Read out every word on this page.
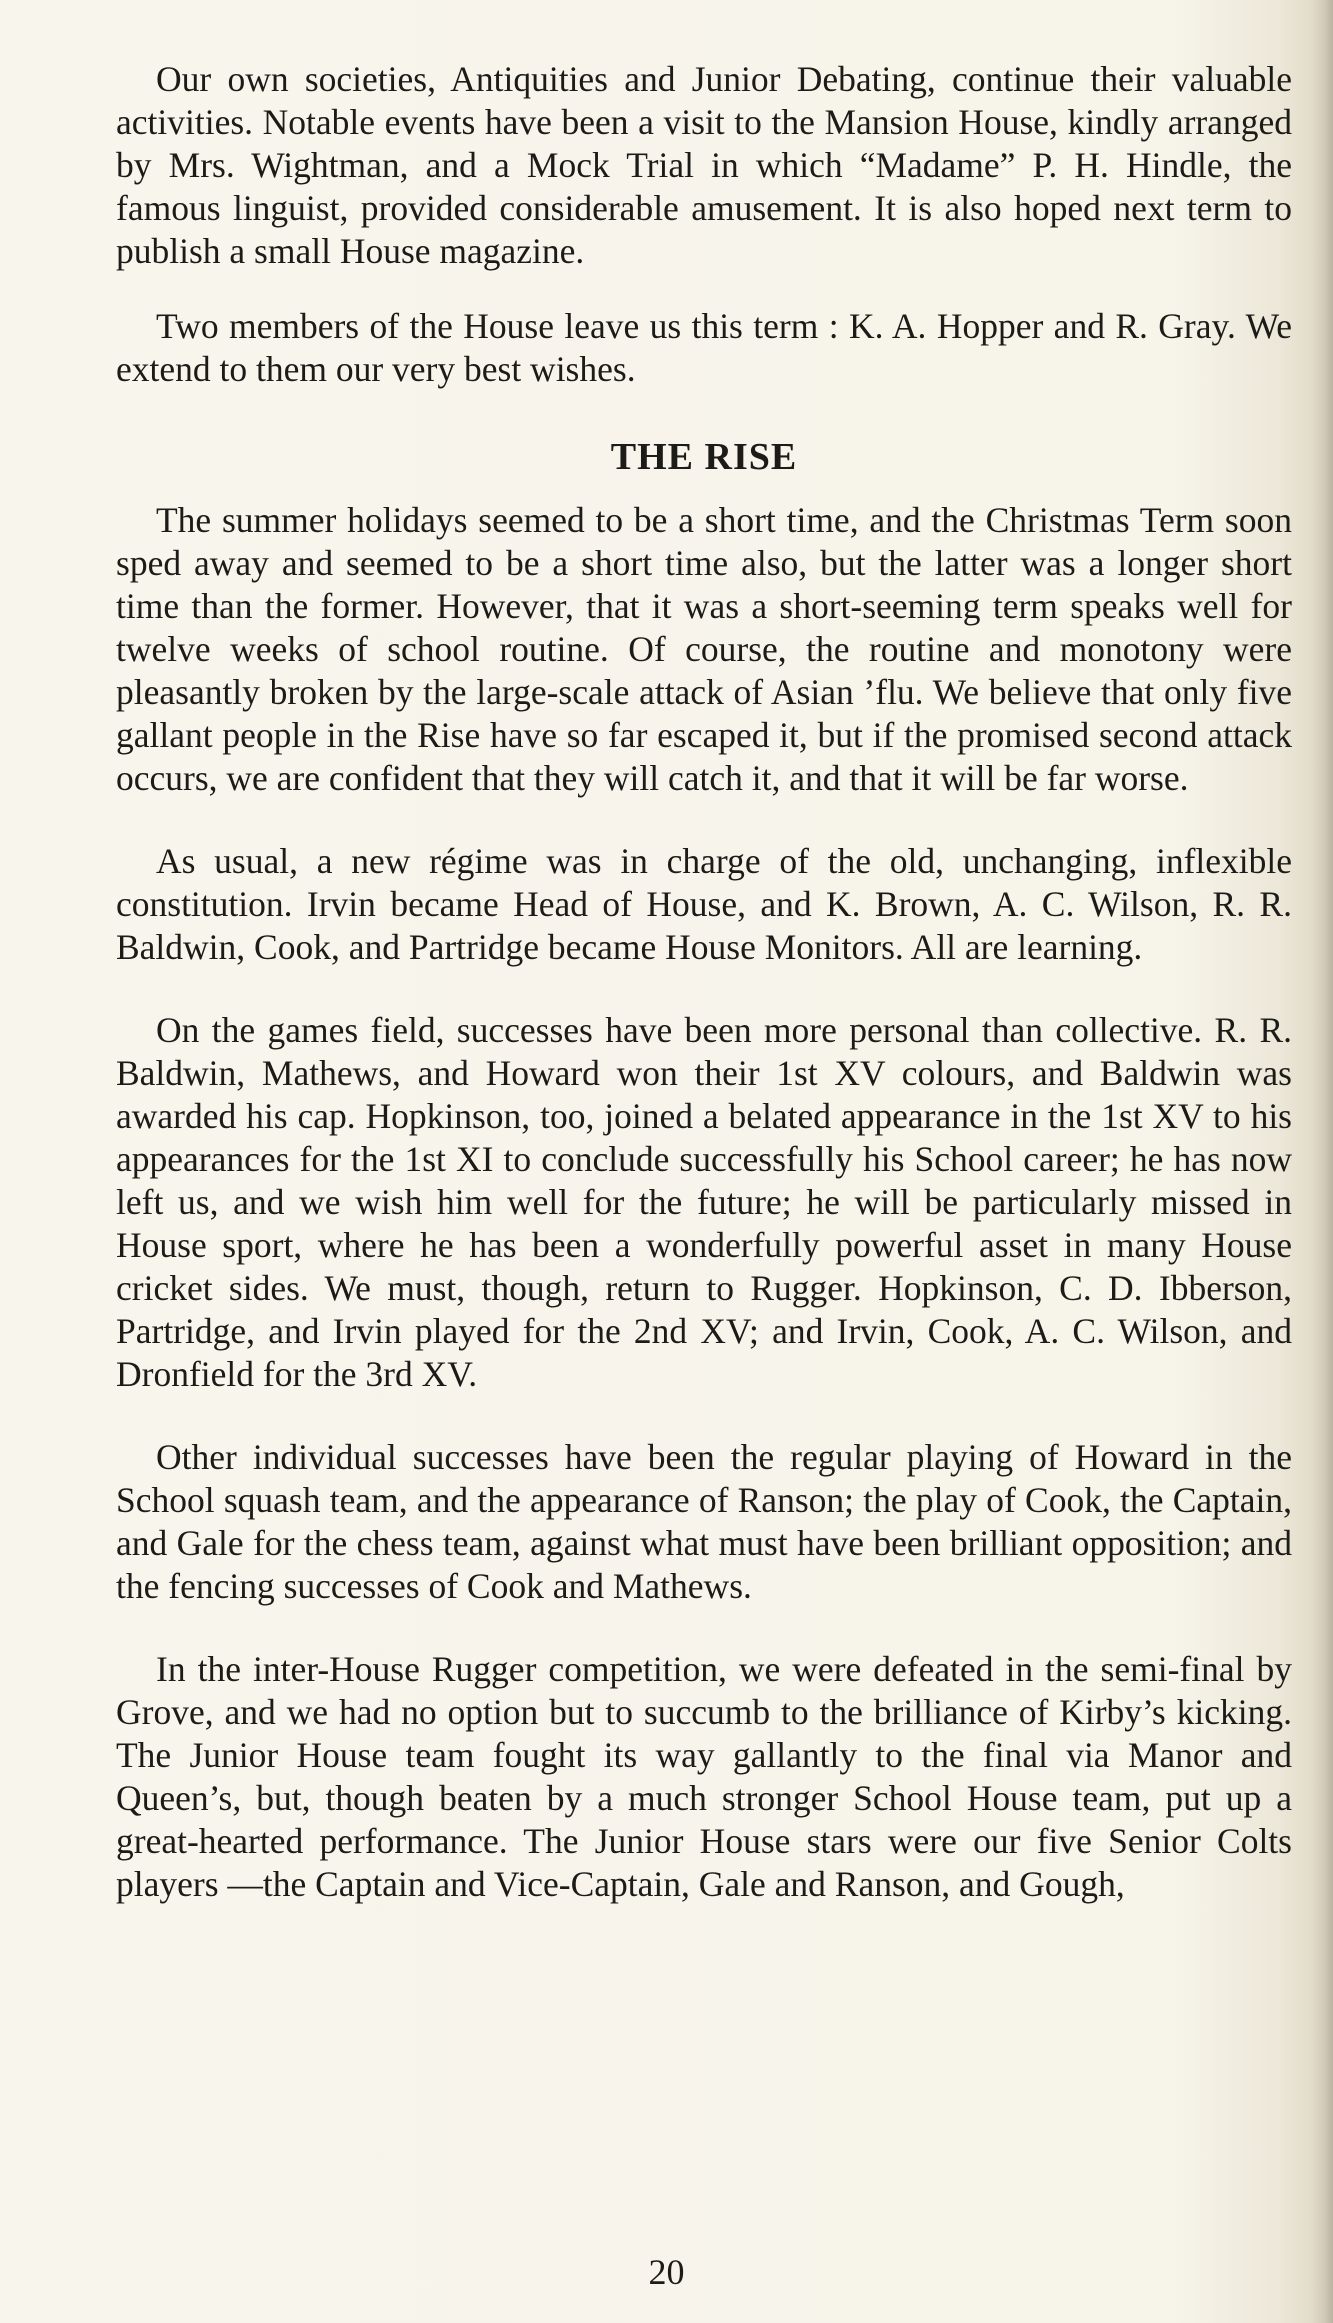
Our own societies, Antiquities and Junior Debating, continue their valuable activities. Notable events have been a visit to the Mansion House, kindly arranged by Mrs. Wightman, and a Mock Trial in which “Madame” P. H. Hindle, the famous linguist, provided considerable amusement. It is also hoped next term to publish a small House magazine.

Two members of the House leave us this term : K. A. Hopper and R. Gray. We extend to them our very best wishes.

THE RISE

The summer holidays seemed to be a short time, and the Christmas Term soon sped away and seemed to be a short time also, but the latter was a longer short time than the former. However, that it was a short-seeming term speaks well for twelve weeks of school routine. Of course, the routine and monotony were pleasantly broken by the large-scale attack of Asian ’flu. We believe that only five gallant people in the Rise have so far escaped it, but if the promised second attack occurs, we are confident that they will catch it, and that it will be far worse.

As usual, a new régime was in charge of the old, unchanging, inflexible constitution. Irvin became Head of House, and K. Brown, A. C. Wilson, R. R. Baldwin, Cook, and Partridge became House Monitors. All are learning.

On the games field, successes have been more personal than collective. R. R. Baldwin, Mathews, and Howard won their 1st XV colours, and Baldwin was awarded his cap. Hopkinson, too, joined a belated appearance in the 1st XV to his appearances for the 1st XI to conclude successfully his School career; he has now left us, and we wish him well for the future; he will be particularly missed in House sport, where he has been a wonderfully powerful asset in many House cricket sides. We must, though, return to Rugger. Hopkinson, C. D. Ibberson, Partridge, and Irvin played for the 2nd XV; and Irvin, Cook, A. C. Wilson, and Dronfield for the 3rd XV.

Other individual successes have been the regular playing of Howard in the School squash team, and the appearance of Ranson; the play of Cook, the Captain, and Gale for the chess team, against what must have been brilliant opposition; and the fencing successes of Cook and Mathews.

In the inter-House Rugger competition, we were defeated in the semi-final by Grove, and we had no option but to succumb to the brilliance of Kirby’s kicking. The Junior House team fought its way gallantly to the final via Manor and Queen’s, but, though beaten by a much stronger School House team, put up a great-hearted performance. The Junior House stars were our five Senior Colts players —the Captain and Vice-Captain, Gale and Ranson, and Gough,

20
